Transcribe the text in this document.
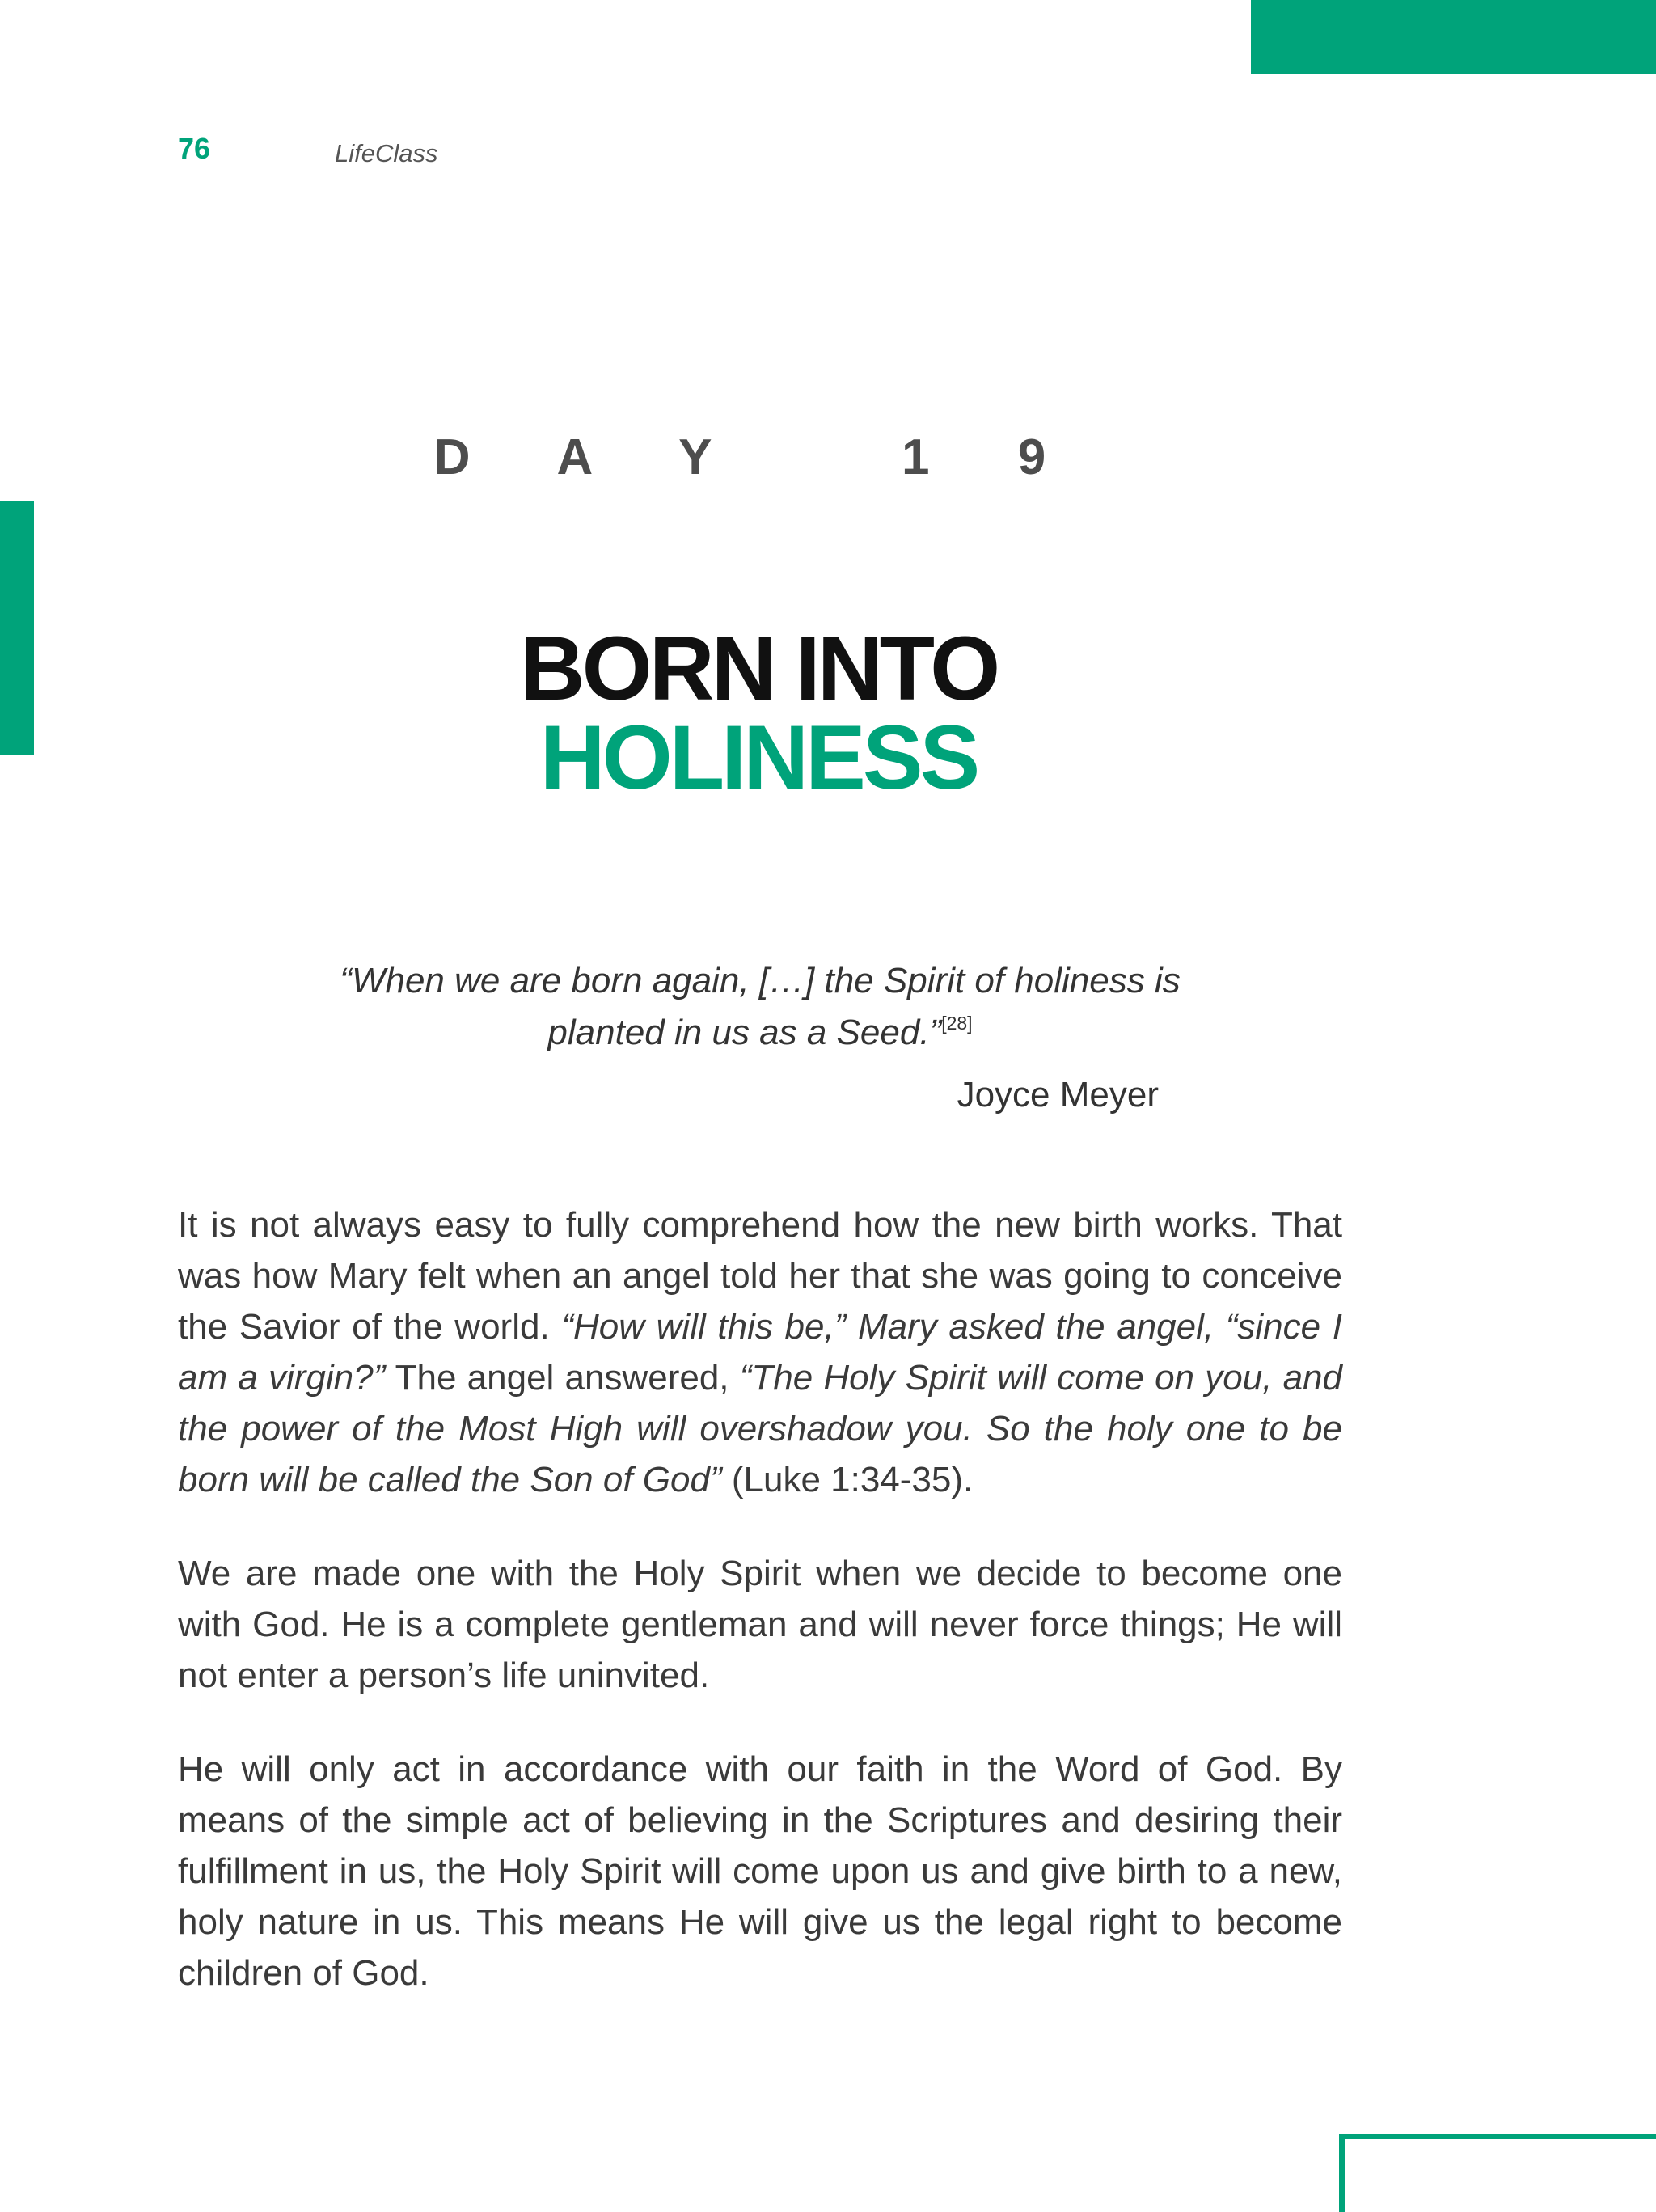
76	LifeClass
D A Y   1 9
BORN INTO
HOLINESS
“When we are born again, […] the Spirit of holiness is
planted in us as a Seed.”[28]
Joyce Meyer

It is not always easy to fully comprehend how the new birth works. That was how Mary felt when an angel told her that she was going to conceive the Savior of the world. “How will this be,” Mary asked the angel, “since I am a virgin?” The angel answered, “The Holy Spirit will come on you, and the power of the Most High will overshadow you. So the holy one to be born will be called the Son of God” (Luke 1:34-35).

We are made one with the Holy Spirit when we decide to become one with God. He is a complete gentleman and will never force things; He will not enter a person’s life uninvited.

He will only act in accordance with our faith in the Word of God. By means of the simple act of believing in the Scriptures and desiring their fulfillment in us, the Holy Spirit will come upon us and give birth to a new, holy nature in us. This means He will give us the legal right to become children of God.
